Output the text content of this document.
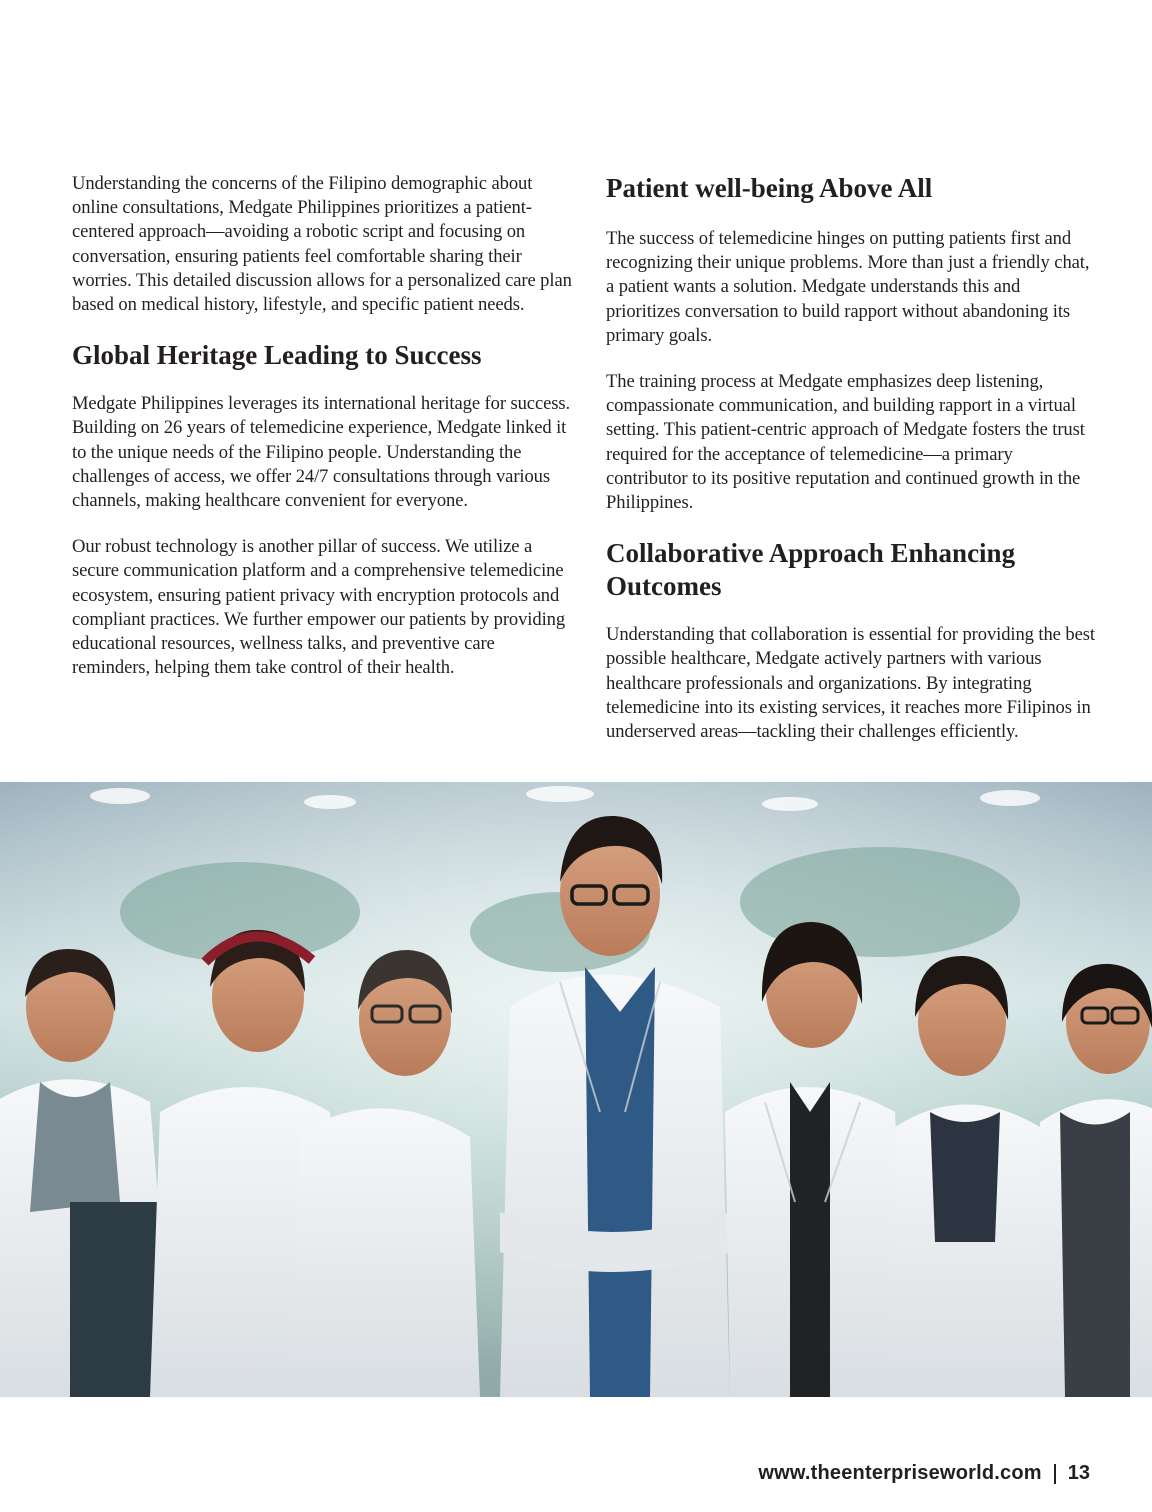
Understanding the concerns of the Filipino demographic about online consultations, Medgate Philippines prioritizes a patient-centered approach—avoiding a robotic script and focusing on conversation, ensuring patients feel comfortable sharing their worries. This detailed discussion allows for a personalized care plan based on medical history, lifestyle, and specific patient needs.

Global Heritage Leading to Success

Medgate Philippines leverages its international heritage for success. Building on 26 years of telemedicine experience, Medgate linked it to the unique needs of the Filipino people. Understanding the challenges of access, we offer 24/7 consultations through various channels, making healthcare convenient for everyone.

Our robust technology is another pillar of success. We utilize a secure communication platform and a comprehensive telemedicine ecosystem, ensuring patient privacy with encryption protocols and compliant practices. We further empower our patients by providing educational resources, wellness talks, and preventive care reminders, helping them take control of their health.

Patient well-being Above All

The success of telemedicine hinges on putting patients first and recognizing their unique problems. More than just a friendly chat, a patient wants a solution. Medgate understands this and prioritizes conversation to build rapport without abandoning its primary goals.

The training process at Medgate emphasizes deep listening, compassionate communication, and building rapport in a virtual setting. This patient-centric approach of Medgate fosters the trust required for the acceptance of telemedicine—a primary contributor to its positive reputation and continued growth in the Philippines.

Collaborative Approach Enhancing Outcomes

Understanding that collaboration is essential for providing the best possible healthcare, Medgate actively partners with various healthcare professionals and organizations. By integrating telemedicine into its existing services, it reaches more Filipinos in underserved areas—tackling their challenges efficiently.

www.theenterpriseworld.com 13
